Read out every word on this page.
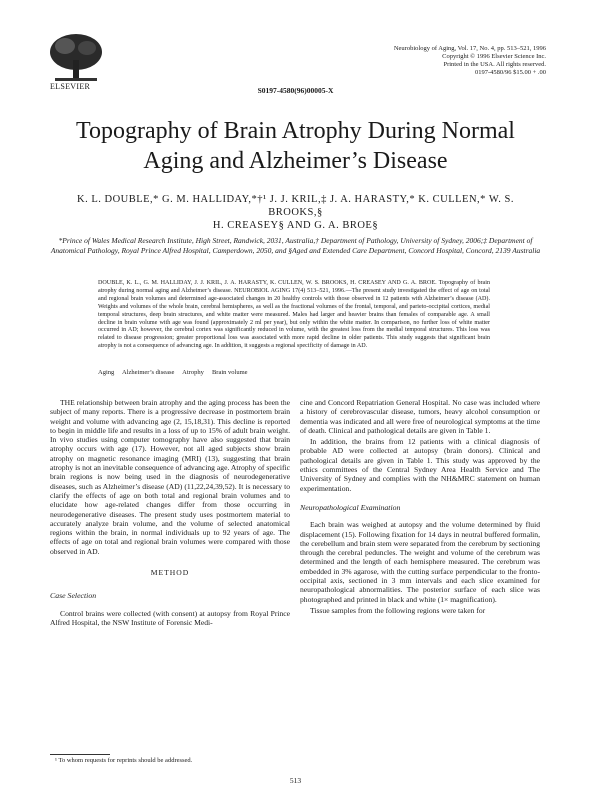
ELSEVIER
Neurobiology of Aging, Vol. 17, No. 4, pp. 513–521, 1996
Copyright © 1996 Elsevier Science Inc.
Printed in the USA. All rights reserved.
0197-4580/96 $15.00 + .00
S0197-4580(96)00005-X
Topography of Brain Atrophy During Normal
Aging and Alzheimer’s Disease
K. L. DOUBLE,* G. M. HALLIDAY,*†¹ J. J. KRIL,‡ J. A. HARASTY,* K. CULLEN,* W. S. BROOKS,§
H. CREASEY§ AND G. A. BROE§
*Prince of Wales Medical Research Institute, High Street, Randwick, 2031, Australia,† Department of Pathology, University of Sydney, 2006;‡ Department of Anatomical Pathology, Royal Prince Alfred Hospital, Camperdown, 2050, and §Aged and Extended Care Department, Concord Hospital, Concord, 2139 Australia
DOUBLE, K. L., G. M. HALLIDAY, J. J. KRIL, J. A. HARASTY, K. CULLEN, W. S. BROOKS, H. CREASEY AND G. A. BROE. Topography of brain atrophy during normal aging and Alzheimer’s disease. NEUROBIOL AGING 17(4) 513–521, 1996.—The present study investigated the effect of age on total and regional brain volumes and determined age-associated changes in 20 healthy controls with those observed in 12 patients with Alzheimer’s disease (AD). Weights and volumes of the whole brain, cerebral hemispheres, as well as the fractional volumes of the frontal, temporal, and parieto-occipital cortices, medial temporal structures, deep brain structures, and white matter were measured. Males had larger and heavier brains than females of comparable age. A small decline in brain volume with age was found (approximately 2 ml per year), but only within the white matter. In comparison, no further loss of white matter occurred in AD; however, the cerebral cortex was significantly reduced in volume, with the greatest loss from the medial temporal structures. This loss was related to disease progression; greater proportional loss was associated with more rapid decline in older patients. This study suggests that significant brain atrophy is not a consequence of advancing age. In addition, it suggests a regional specificity of damage in AD.
Aging     Alzheimer’s disease     Atrophy     Brain volume

THE relationship between brain atrophy and the aging process has been the subject of many reports. There is a progressive decrease in postmortem brain weight and volume with advancing age (2, 15,18,31). This decline is reported to begin in middle life and results in a loss of up to 15% of adult brain weight. In vivo studies using computer tomography have also suggested that brain atrophy occurs with age (17). However, not all aged subjects show brain atrophy on magnetic resonance imaging (MRI) (13), suggesting that brain atrophy is not an inevitable consequence of advancing age. Atrophy of specific brain regions is now being used in the diagnosis of neurodegenerative diseases, such as Alzheimer’s disease (AD) (11,22,24,39,52). It is necessary to clarify the effects of age on both total and regional brain volumes and to elucidate how age-related changes differ from those occurring in neurodegenerative diseases. The present study uses postmortem material to accurately analyze brain volume, and the volume of selected anatomical regions within the brain, in normal individuals up to 92 years of age. The effects of age on total and regional brain volumes were compared with those observed in AD.

METHOD
Case Selection

Control brains were collected (with consent) at autopsy from Royal Prince Alfred Hospital, the NSW Institute of Forensic Medi-

cine and Concord Repatriation General Hospital. No case was included where a history of cerebrovascular disease, tumors, heavy alcohol consumption or dementia was indicated and all were free of neurological symptoms at the time of death. Clinical and pathological details are given in Table 1.

In addition, the brains from 12 patients with a clinical diagnosis of probable AD were collected at autopsy (brain donors). Clinical and pathological details are given in Table 1. This study was approved by the ethics committees of the Central Sydney Area Health Service and The University of Sydney and complies with the NH&MRC statement on human experimentation.

Neuropathological Examination

Each brain was weighed at autopsy and the volume determined by fluid displacement (15). Following fixation for 14 days in neutral buffered formalin, the cerebellum and brain stem were separated from the cerebrum by sectioning through the cerebral peduncles. The weight and volume of the cerebrum was determined and the length of each hemisphere measured. The cerebrum was embedded in 3% agarose, with the cutting surface perpendicular to the fronto-occipital axis, sectioned in 3 mm intervals and each slice examined for neuropathological abnormalities. The posterior surface of each slice was photographed and printed in black and white (1× magnification).

Tissue samples from the following regions were taken for

¹ To whom requests for reprints should be addressed.
513
